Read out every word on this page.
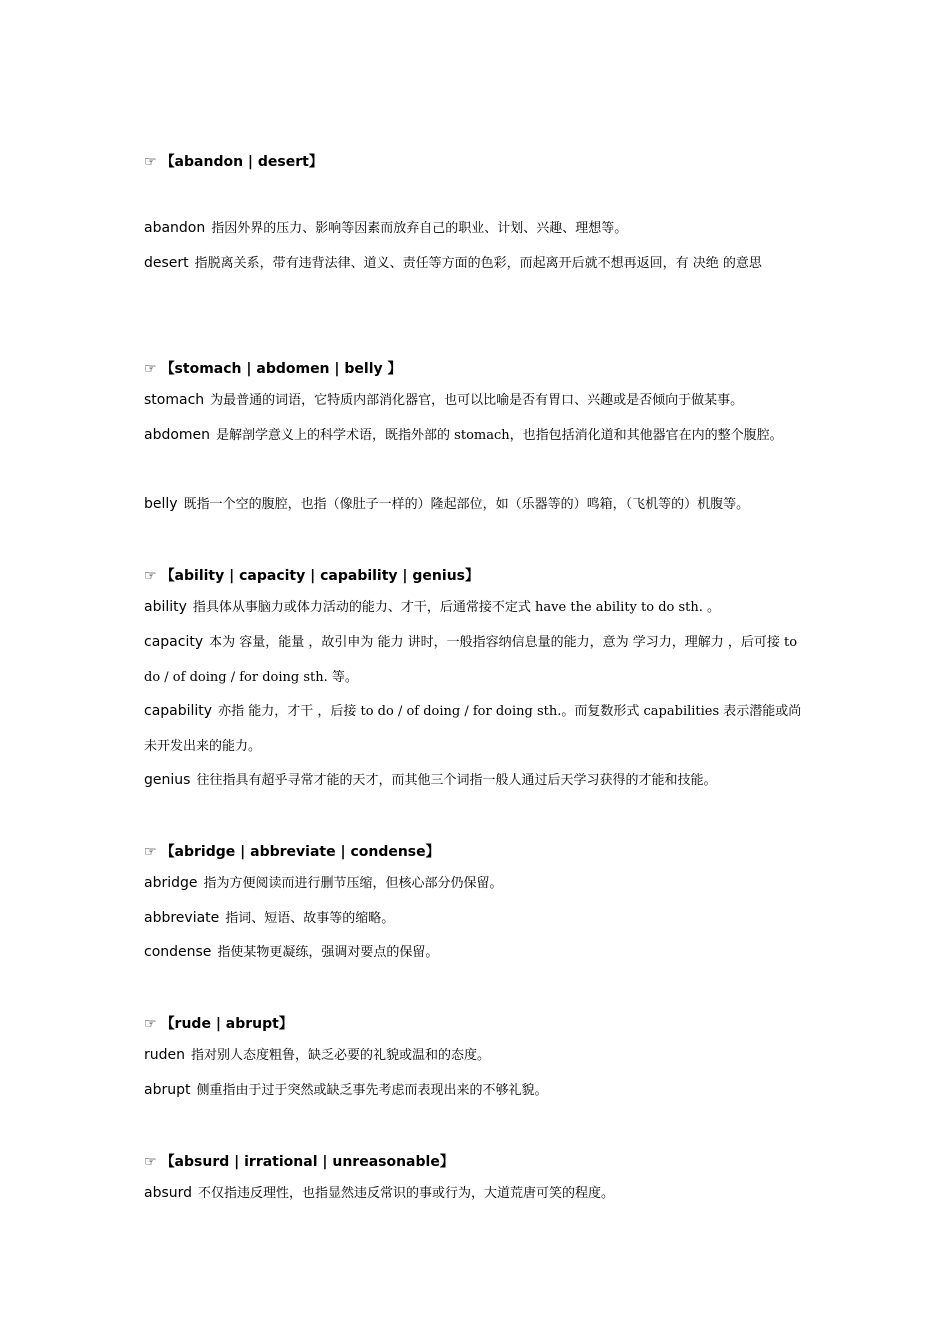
☞ 【abandon | desert】
abandon 指因外界的压力、影响等因素而放弃自己的职业、计划、兴趣、理想等。
desert 指脱离关系，带有违背法律、道义、责任等方面的色彩，而起离开后就不想再返回，有 决绝 的意思
☞ 【stomach | abdomen | belly 】
stomach 为最普通的词语，它特质内部消化器官，也可以比喻是否有胃口、兴趣或是否倾向于做某事。
abdomen 是解剖学意义上的科学术语，既指外部的 stomach，也指包括消化道和其他器官在内的整个腹腔。
belly 既指一个空的腹腔，也指（像肚子一样的）隆起部位，如（乐器等的）鸣箱，（飞机等的）机腹等。
☞ 【ability | capacity | capability | genius】
ability 指具体从事脑力或体力活动的能力、才干，后通常接不定式 have the ability to do sth. 。
capacity 本为 容量，能量 ，故引申为 能力 讲时，一般指容纳信息量的能力，意为 学习力，理解力 ，后可接 to do / of doing / for doing sth. 等。
capability 亦指 能力，才干 ，后接 to do / of doing / for doing sth.。而复数形式 capabilities 表示潜能或尚未开发出来的能力。
genius 往往指具有超乎寻常才能的天才，而其他三个词指一般人通过后天学习获得的才能和技能。
☞ 【abridge | abbreviate | condense】
abridge 指为方便阅读而进行删节压缩，但核心部分仍保留。
abbreviate 指词、短语、故事等的缩略。
condense 指使某物更凝练，强调对要点的保留。
☞ 【rude | abrupt】
ruden 指对别人态度粗鲁，缺乏必要的礼貌或温和的态度。
abrupt 侧重指由于过于突然或缺乏事先考虑而表现出来的不够礼貌。
☞ 【absurd | irrational | unreasonable】
absurd 不仅指违反理性，也指显然违反常识的事或行为，大道荒唐可笑的程度。
